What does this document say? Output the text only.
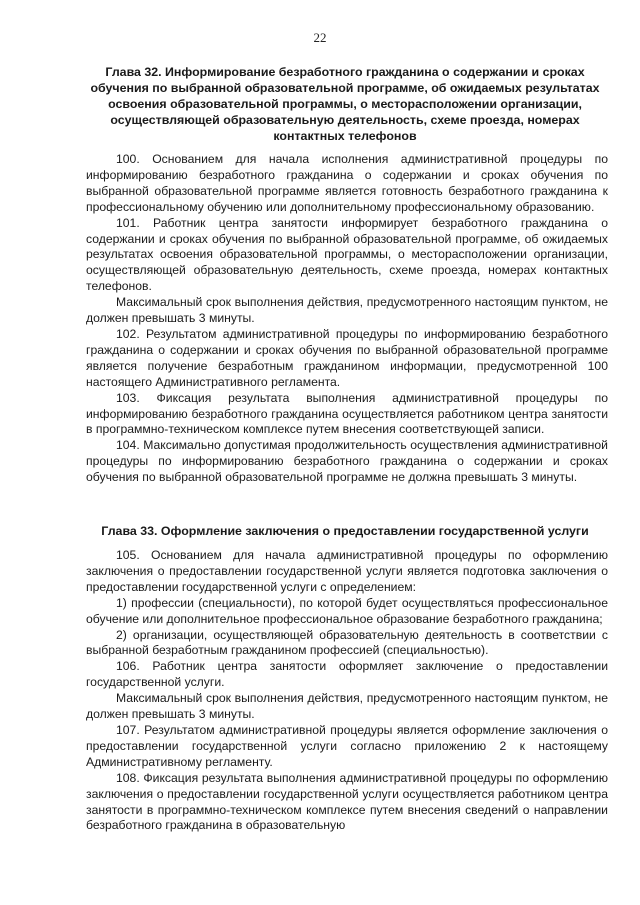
22
Глава 32. Информирование безработного гражданина о содержании и сроках обучения по выбранной образовательной программе, об ожидаемых результатах освоения образовательной программы, о месторасположении организации, осуществляющей образовательную деятельность, схеме проезда, номерах контактных телефонов

100. Основанием для начала исполнения административной процедуры по информированию безработного гражданина о содержании и сроках обучения по выбранной образовательной программе является готовность безработного гражданина к профессиональному обучению или дополнительному профессиональному образованию.

101. Работник центра занятости информирует безработного гражданина о содержании и сроках обучения по выбранной образовательной программе, об ожидаемых результатах освоения образовательной программы, о месторасположении организации, осуществляющей образовательную деятельность, схеме проезда, номерах контактных телефонов.

Максимальный срок выполнения действия, предусмотренного настоящим пунктом, не должен превышать 3 минуты.

102. Результатом административной процедуры по информированию безработного гражданина о содержании и сроках обучения по выбранной образовательной программе является получение безработным гражданином информации, предусмотренной 100 настоящего Административного регламента.

103. Фиксация результата выполнения административной процедуры по информированию безработного гражданина осуществляется работником центра занятости в программно-техническом комплексе путем внесения соответствующей записи.

104. Максимально допустимая продолжительность осуществления административной процедуры по информированию безработного гражданина о содержании и сроках обучения по выбранной образовательной программе не должна превышать 3 минуты.

Глава 33. Оформление заключения о предоставлении государственной услуги

105. Основанием для начала административной процедуры по оформлению заключения о предоставлении государственной услуги является подготовка заключения о предоставлении государственной услуги с определением:

1) профессии (специальности), по которой будет осуществляться профессиональное обучение или дополнительное профессиональное образование безработного гражданина;

2) организации, осуществляющей образовательную деятельность в соответствии с выбранной безработным гражданином профессией (специальностью).

106. Работник центра занятости оформляет заключение о предоставлении государственной услуги.

Максимальный срок выполнения действия, предусмотренного настоящим пунктом, не должен превышать 3 минуты.

107. Результатом административной процедуры является оформление заключения о предоставлении государственной услуги согласно приложению 2 к настоящему Административному регламенту.

108. Фиксация результата выполнения административной процедуры по оформлению заключения о предоставлении государственной услуги осуществляется работником центра занятости в программно-техническом комплексе путем внесения сведений о направлении безработного гражданина в образовательную
